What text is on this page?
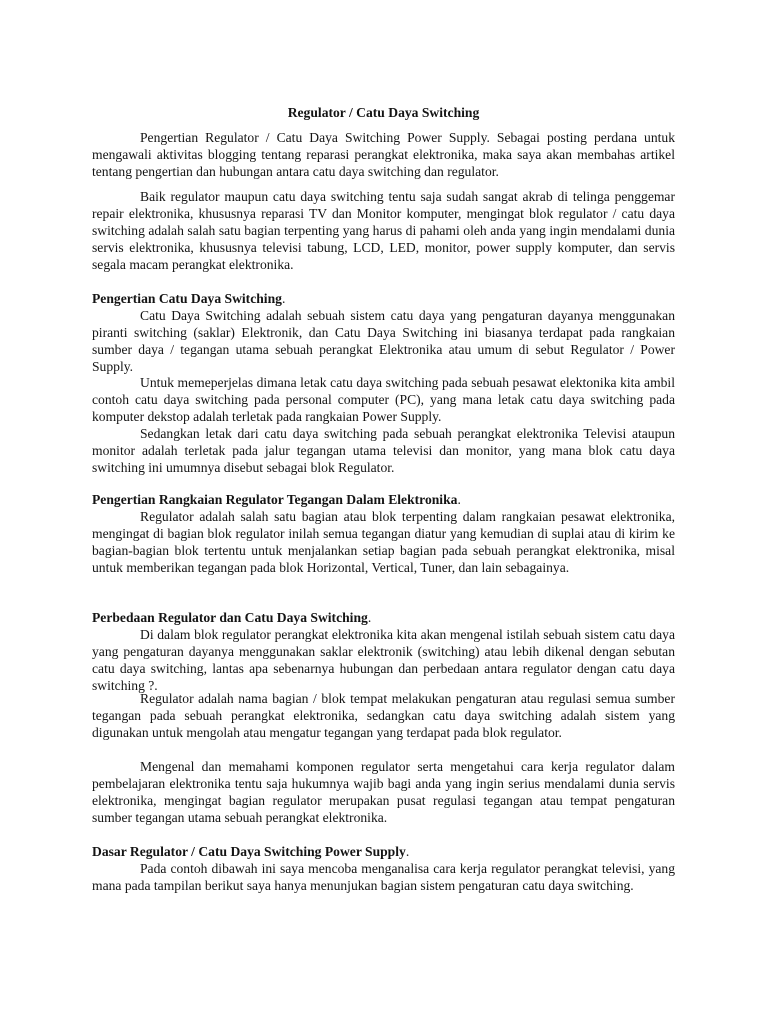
Regulator / Catu Daya Switching

Pengertian Regulator / Catu Daya Switching Power Supply. Sebagai posting perdana untuk mengawali aktivitas blogging tentang reparasi perangkat elektronika, maka saya akan membahas artikel tentang pengertian dan hubungan antara catu daya switching dan regulator.

Baik regulator maupun catu daya switching tentu saja sudah sangat akrab di telinga penggemar repair elektronika, khususnya reparasi TV dan Monitor komputer, mengingat blok regulator / catu daya switching adalah salah satu bagian terpenting yang harus di pahami oleh anda yang ingin mendalami dunia servis elektronika, khususnya televisi tabung, LCD, LED, monitor, power supply komputer, dan servis segala macam perangkat elektronika.

Pengertian Catu Daya Switching.

Catu Daya Switching adalah sebuah sistem catu daya yang pengaturan dayanya menggunakan piranti switching (saklar) Elektronik, dan Catu Daya Switching ini biasanya terdapat pada rangkaian sumber daya / tegangan utama sebuah perangkat Elektronika atau umum di sebut Regulator / Power Supply.

Untuk memeperjelas dimana letak catu daya switching pada sebuah pesawat elektonika kita ambil contoh catu daya switching pada personal computer (PC), yang mana letak catu daya switching pada komputer dekstop adalah terletak pada rangkaian Power Supply.

Sedangkan letak dari catu daya switching pada sebuah perangkat elektronika Televisi ataupun monitor adalah terletak pada jalur tegangan utama televisi dan monitor, yang mana blok catu daya switching ini umumnya disebut sebagai blok Regulator.

Pengertian Rangkaian Regulator Tegangan Dalam Elektronika.

Regulator adalah salah satu bagian atau blok terpenting dalam rangkaian pesawat elektronika, mengingat di bagian blok regulator inilah semua tegangan diatur yang kemudian di suplai atau di kirim ke bagian-bagian blok tertentu untuk menjalankan setiap bagian pada sebuah perangkat elektronika, misal untuk memberikan tegangan pada blok Horizontal, Vertical, Tuner, dan lain sebagainya.

Perbedaan Regulator dan Catu Daya Switching.

Di dalam blok regulator perangkat elektronika kita akan mengenal istilah sebuah sistem catu daya yang pengaturan dayanya menggunakan saklar elektronik (switching) atau lebih dikenal dengan sebutan catu daya switching, lantas apa sebenarnya hubungan dan perbedaan antara regulator dengan catu daya switching ?.

Regulator adalah nama bagian / blok tempat melakukan pengaturan atau regulasi semua sumber tegangan pada sebuah perangkat elektronika, sedangkan catu daya switching adalah sistem yang digunakan untuk mengolah atau mengatur tegangan yang terdapat pada blok regulator.

Mengenal dan memahami komponen regulator serta mengetahui cara kerja regulator dalam pembelajaran elektronika tentu saja hukumnya wajib bagi anda yang ingin serius mendalami dunia servis elektronika, mengingat bagian regulator merupakan pusat regulasi tegangan atau tempat pengaturan sumber tegangan utama sebuah perangkat elektronika.

Dasar Regulator / Catu Daya Switching Power Supply.

Pada contoh dibawah ini saya mencoba menganalisa cara kerja regulator perangkat televisi, yang mana pada tampilan berikut saya hanya menunjukan bagian sistem pengaturan catu daya switching.
